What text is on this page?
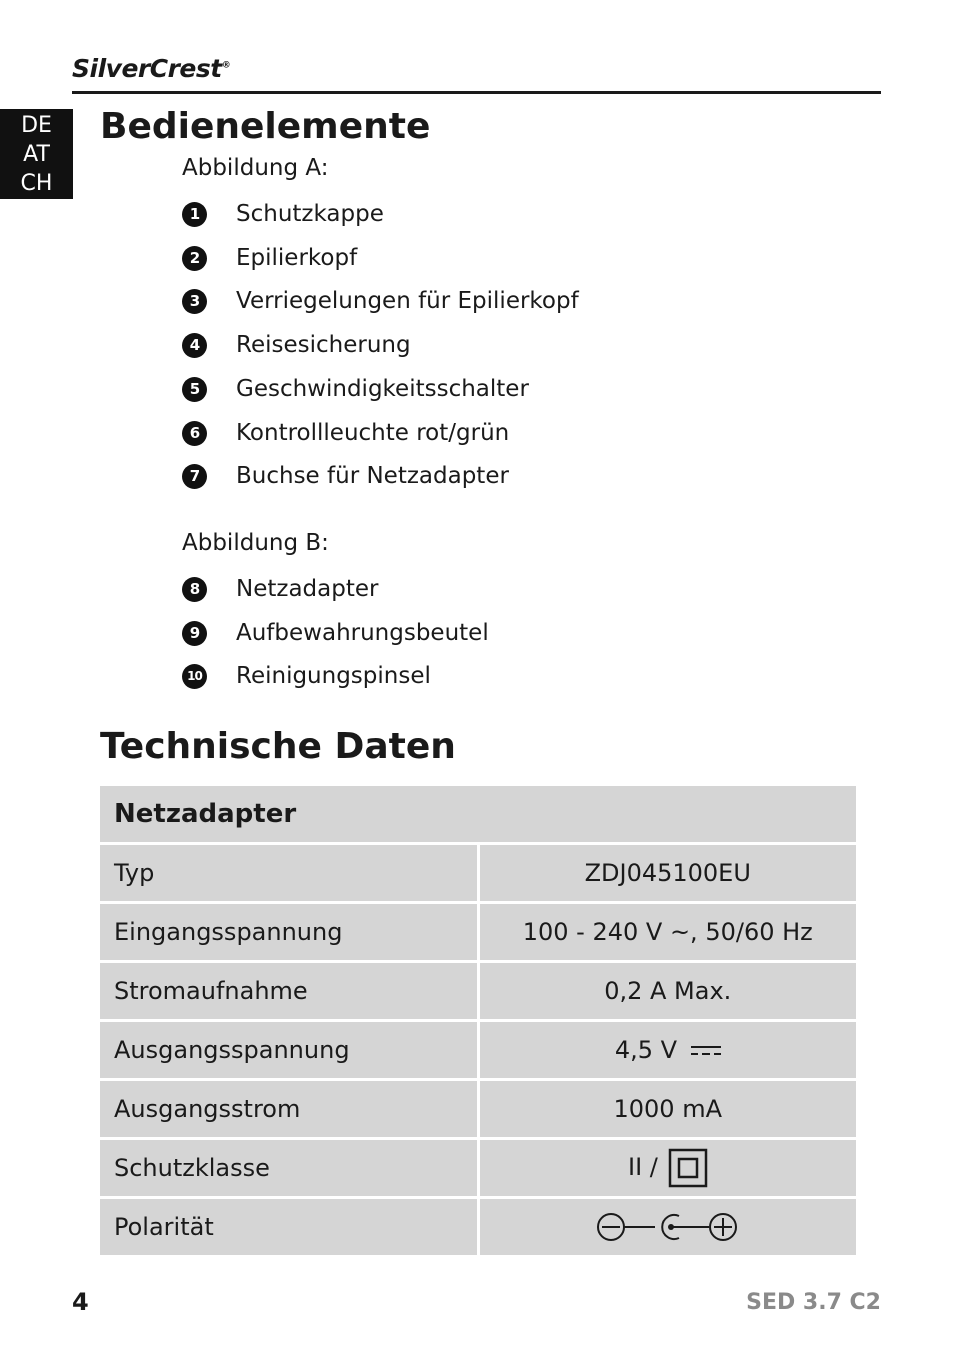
SilverCrest®
DE
AT
CH
Bedienelemente
Abbildung A:
1	Schutzkappe
2	Epilierkopf
3	Verriegelungen für Epilierkopf
4	Reisesicherung
5	Geschwindigkeitsschalter
6	Kontrollleuchte rot/grün
7	Buchse für Netzadapter
Abbildung B:
8	Netzadapter
9	Aufbewahrungsbeutel
10 Reinigungspinsel
Technische Daten
Netzadapter	
Typ	ZDJ045100EU
Eingangsspannung	100 - 240 V ~, 50/60 Hz
Stromaufnahme	0,2 A Max.
Ausgangsspannung	4,5 V
Ausgangsstrom	1000 mA
Schutzklasse	II /
Polarität	
4	SED 3.7 C2
